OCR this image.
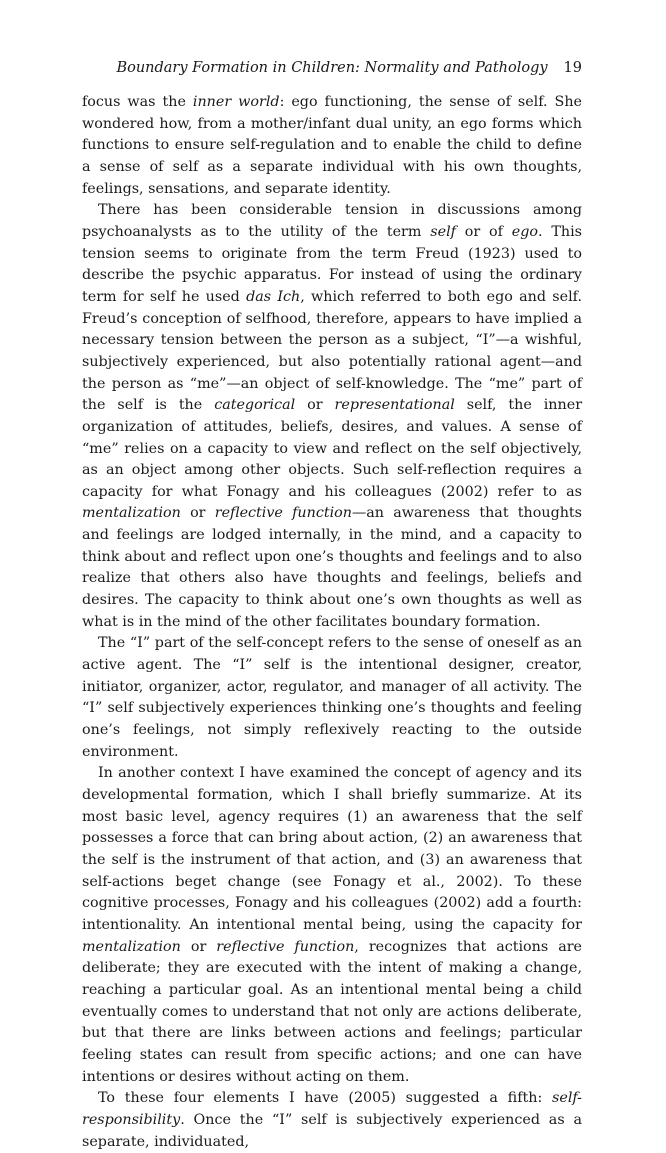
Boundary Formation in Children: Normality and Pathology	19

focus was the inner world: ego functioning, the sense of self. She wondered how, from a mother/infant dual unity, an ego forms which functions to ensure self-regulation and to enable the child to define a sense of self as a separate individual with his own thoughts, feelings, sensations, and separate identity.

There has been considerable tension in discussions among psychoanalysts as to the utility of the term self or of ego. This tension seems to originate from the term Freud (1923) used to describe the psychic apparatus. For instead of using the ordinary term for self he used das Ich, which referred to both ego and self. Freud’s conception of selfhood, therefore, appears to have implied a necessary tension between the person as a subject, “I”—a wishful, subjectively experienced, but also potentially rational agent—and the person as “me”—an object of self-knowledge. The “me” part of the self is the categorical or representational self, the inner organization of attitudes, beliefs, desires, and values. A sense of “me” relies on a capacity to view and reflect on the self objectively, as an object among other objects. Such self-reflection requires a capacity for what Fonagy and his colleagues (2002) refer to as mentalization or reflective function—an awareness that thoughts and feelings are lodged internally, in the mind, and a capacity to think about and reflect upon one’s thoughts and feelings and to also realize that others also have thoughts and feelings, beliefs and desires. The capacity to think about one’s own thoughts as well as what is in the mind of the other facilitates boundary formation.

The “I” part of the self-concept refers to the sense of oneself as an active agent. The “I” self is the intentional designer, creator, initiator, organizer, actor, regulator, and manager of all activity. The “I” self subjectively experiences thinking one’s thoughts and feeling one’s feelings, not simply reflexively reacting to the outside environment.

In another context I have examined the concept of agency and its developmental formation, which I shall briefly summarize. At its most basic level, agency requires (1) an awareness that the self possesses a force that can bring about action, (2) an awareness that the self is the instrument of that action, and (3) an awareness that self-actions beget change (see Fonagy et al., 2002). To these cognitive processes, Fonagy and his colleagues (2002) add a fourth: intentionality. An intentional mental being, using the capacity for mentalization or reflective function, recognizes that actions are deliberate; they are executed with the intent of making a change, reaching a particular goal. As an intentional mental being a child eventually comes to understand that not only are actions deliberate, but that there are links between actions and feelings; particular feeling states can result from specific actions; and one can have intentions or desires without acting on them.

To these four elements I have (2005) suggested a fifth: self-responsibility. Once the “I” self is subjectively experienced as a separate, individuated,
